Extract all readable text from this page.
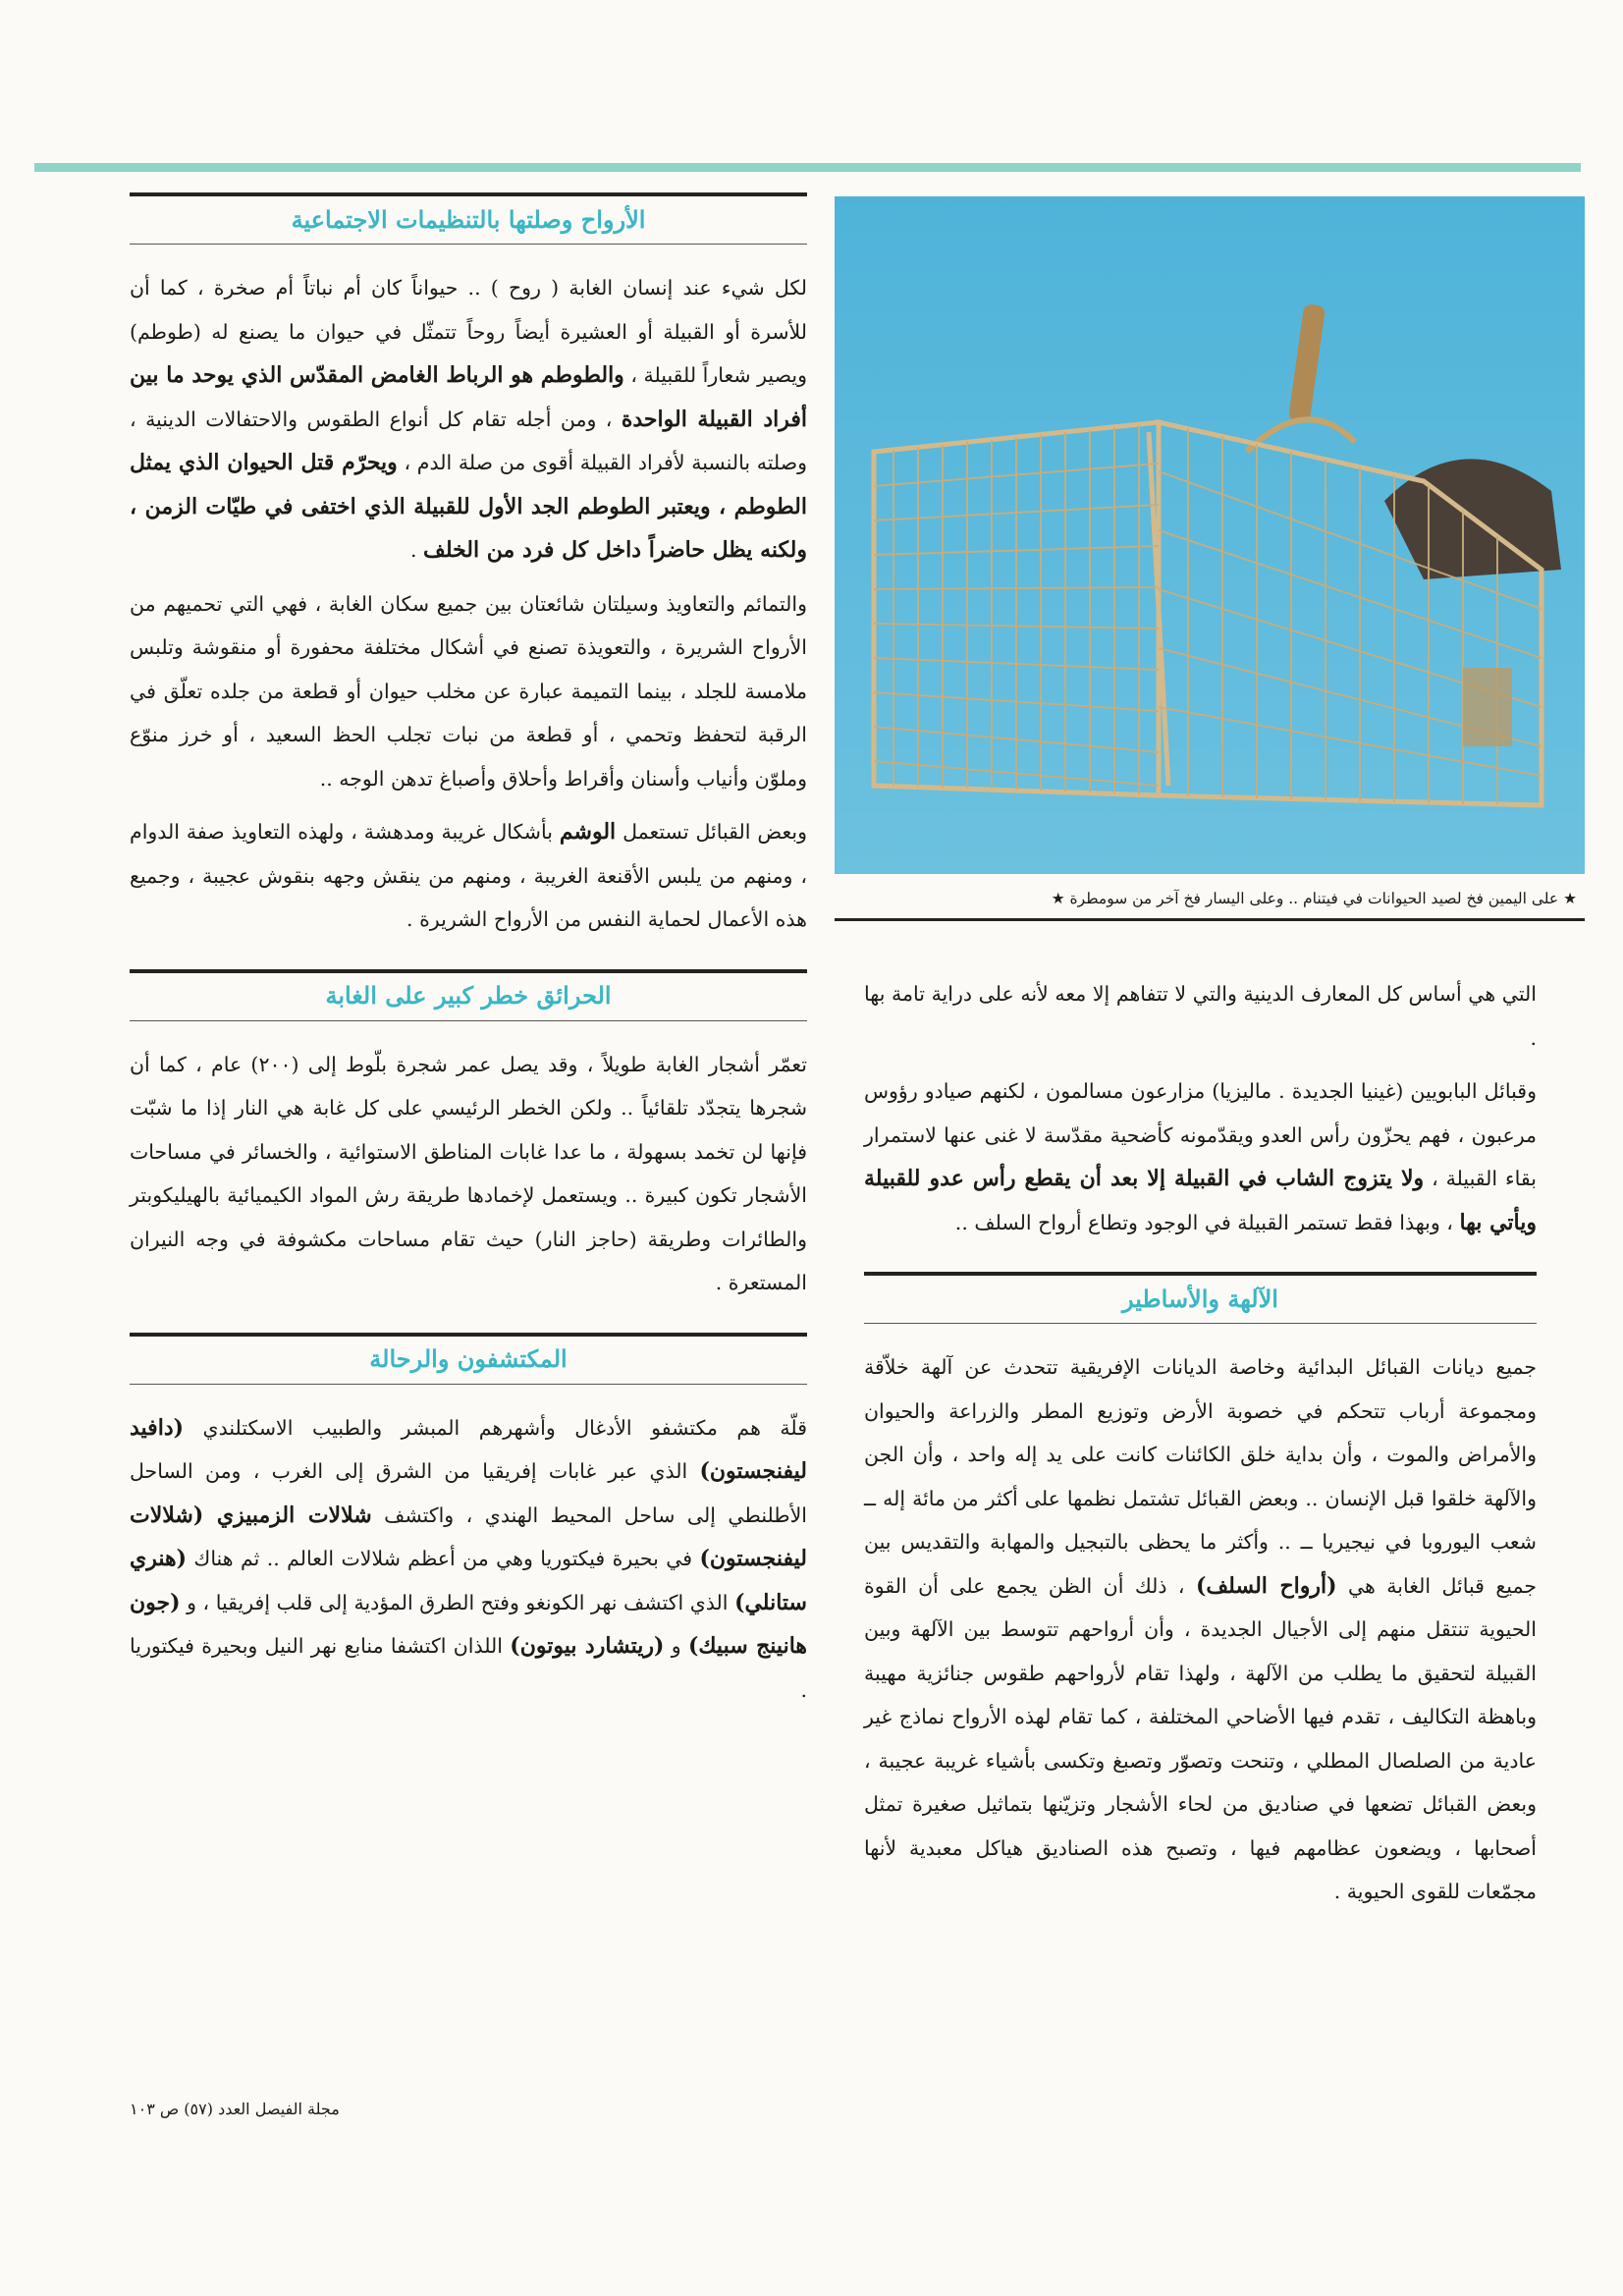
الأرواح وصلتها بالتنظيمات الاجتماعية

لكل شيء عند إنسان الغابة ( روح ) .. حيواناً كان أم نباتاً أم صخرة ، كما أن للأسرة أو القبيلة أو العشيرة أيضاً روحاً تتمثّل في حيوان ما يصنع له (طوطم) ويصير شعاراً للقبيلة ، والطوطم هو الرباط الغامض المقدّس الذي يوحد ما بين أفراد القبيلة الواحدة ، ومن أجله تقام كل أنواع الطقوس والاحتفالات الدينية ، وصلته بالنسبة لأفراد القبيلة أقوى من صلة الدم ، ويحرّم قتل الحيوان الذي يمثل الطوطم ، ويعتبر الطوطم الجد الأول للقبيلة الذي اختفى في طيّات الزمن ، ولكنه يظل حاضراً داخل كل فرد من الخلف .

والتمائم والتعاويذ وسيلتان شائعتان بين جميع سكان الغابة ، فهي التي تحميهم من الأرواح الشريرة ، والتعويذة تصنع في أشكال مختلفة محفورة أو منقوشة وتلبس ملامسة للجلد ، بينما التميمة عبارة عن مخلب حيوان أو قطعة من جلده تعلّق في الرقبة لتحفظ وتحمي ، أو قطعة من نبات تجلب الحظ السعيد ، أو خرز منوّع وملوّن وأنياب وأسنان وأقراط وأحلاق وأصباغ تدهن الوجه ..

وبعض القبائل تستعمل الوشم بأشكال غريبة ومدهشة ، ولهذه التعاويذ صفة الدوام ، ومنهم من يلبس الأقنعة الغريبة ، ومنهم من ينقش وجهه بنقوش عجيبة ، وجميع هذه الأعمال لحماية النفس من الأرواح الشريرة .

الحرائق خطر كبير على الغابة

تعمّر أشجار الغابة طويلاً ، وقد يصل عمر شجرة بلّوط إلى (٢٠٠) عام ، كما أن شجرها يتجدّد تلقائياً .. ولكن الخطر الرئيسي على كل غابة هي النار إذا ما شبّت فإنها لن تخمد بسهولة ، ما عدا غابات المناطق الاستوائية ، والخسائر في مساحات الأشجار تكون كبيرة .. ويستعمل لإخمادها طريقة رش المواد الكيميائية بالهيليكوبتر والطائرات وطريقة (حاجز النار) حيث تقام مساحات مكشوفة في وجه النيران المستعرة .

المكتشفون والرحالة

قلّة هم مكتشفو الأدغال وأشهرهم المبشر والطبيب الاسكتلندي (دافيد ليفنجستون) الذي عبر غابات إفريقيا من الشرق إلى الغرب ، ومن الساحل الأطلنطي إلى ساحل المحيط الهندي ، واكتشف شلالات الزمبيزي (شلالات ليفنجستون) في بحيرة فيكتوريا وهي من أعظم شلالات العالم .. ثم هناك (هنري ستانلي) الذي اكتشف نهر الكونغو وفتح الطرق المؤدية إلى قلب إفريقيا ، و (جون هانينج سبيك) و (ريتشارد بيوتون) اللذان اكتشفا منابع نهر النيل وبحيرة فيكتوريا .

★ على اليمين فخ لصيد الحيوانات في فيتنام .. وعلى اليسار فخ آخر من سومطرة ★

التي هي أساس كل المعارف الدينية والتي لا تتفاهم إلا معه لأنه على دراية تامة بها .

وقبائل البابويين (غينيا الجديدة . ماليزيا) مزارعون مسالمون ، لكنهم صيادو رؤوس مرعبون ، فهم يحزّون رأس العدو ويقدّمونه كأضحية مقدّسة لا غنى عنها لاستمرار بقاء القبيلة ، ولا يتزوج الشاب في القبيلة إلا بعد أن يقطع رأس عدو للقبيلة ويأتي بها ، وبهذا فقط تستمر القبيلة في الوجود وتطاع أرواح السلف ..

الآلهة والأساطير

جميع ديانات القبائل البدائية وخاصة الديانات الإفريقية تتحدث عن آلهة خلاّقة ومجموعة أرباب تتحكم في خصوبة الأرض وتوزيع المطر والزراعة والحيوان والأمراض والموت ، وأن بداية خلق الكائنات كانت على يد إله واحد ، وأن الجن والآلهة خلقوا قبل الإنسان .. وبعض القبائل تشتمل نظمها على أكثر من مائة إله ــ شعب اليوروبا في نيجيريا ــ .. وأكثر ما يحظى بالتبجيل والمهابة والتقديس بين جميع قبائل الغابة هي (أرواح السلف) ، ذلك أن الظن يجمع على أن القوة الحيوية تنتقل منهم إلى الأجيال الجديدة ، وأن أرواحهم تتوسط بين الآلهة وبين القبيلة لتحقيق ما يطلب من الآلهة ، ولهذا تقام لأرواحهم طقوس جنائزية مهيبة وباهظة التكاليف ، تقدم فيها الأضاحي المختلفة ، كما تقام لهذه الأرواح نماذج غير عادية من الصلصال المطلي ، وتنحت وتصوّر وتصبغ وتكسى بأشياء غريبة عجيبة ، وبعض القبائل تضعها في صناديق من لحاء الأشجار وتزيّنها بتماثيل صغيرة تمثل أصحابها ، ويضعون عظامهم فيها ، وتصبح هذه الصناديق هياكل معبدية لأنها مجمّعات للقوى الحيوية .

مجلة الفيصل العدد (٥٧) ص ١٠٣
